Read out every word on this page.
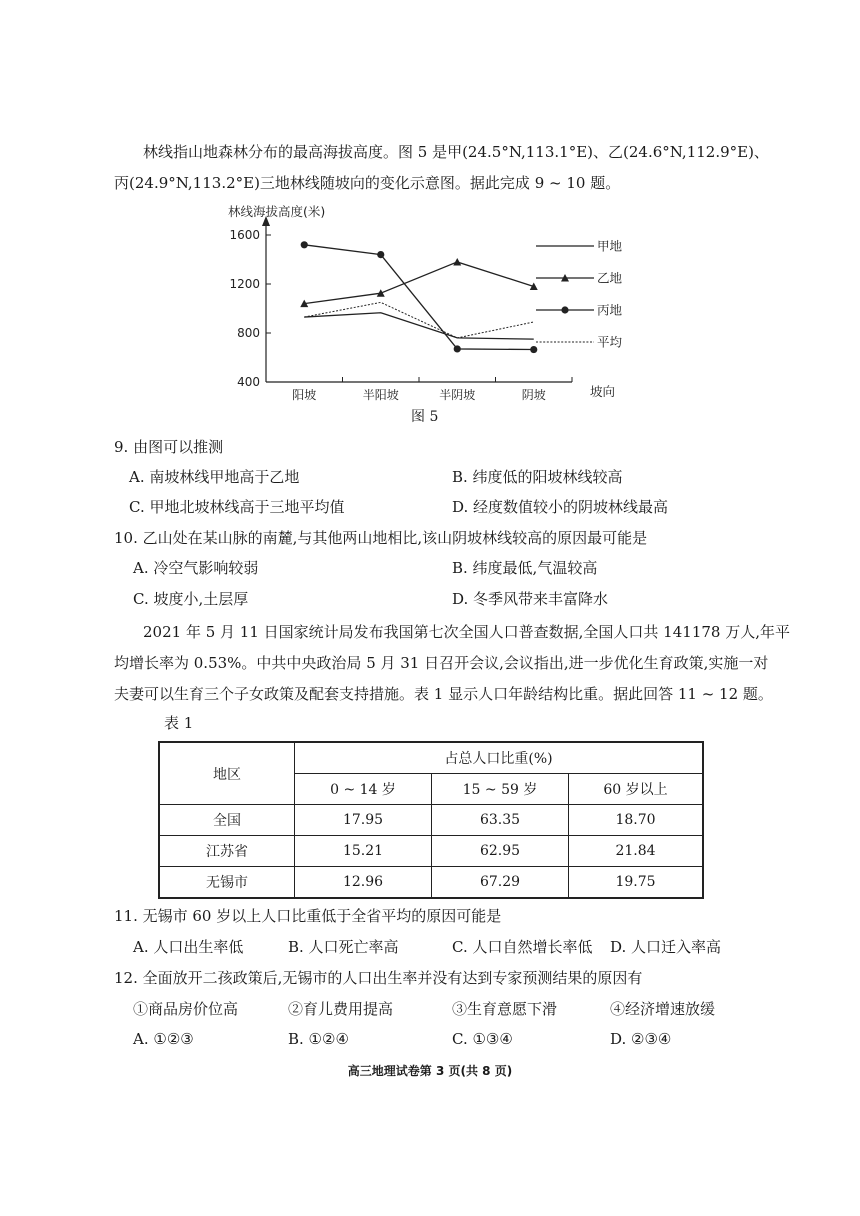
林线指山地森林分布的最高海拔高度。图 5 是甲(24.5°N,113.1°E)、乙(24.6°N,112.9°E)、
丙(24.9°N,113.2°E)三地林线随坡向的变化示意图。据此完成 9 ~ 10 题。
1600
1200
800
400
阳坡	半阳坡	半阴坡	阴坡
林线海拔高度(米)
坡向
甲地
乙地
丙地
平均
图 5
9. 由图可以推测
A. 南坡林线甲地高于乙地	B. 纬度低的阳坡林线较高
C. 甲地北坡林线高于三地平均值	D. 经度数值较小的阴坡林线最高
10. 乙山处在某山脉的南麓,与其他两山地相比,该山阴坡林线较高的原因最可能是
A. 冷空气影响较弱	B. 纬度最低,气温较高
C. 坡度小,土层厚	D. 冬季风带来丰富降水
2021 年 5 月 11 日国家统计局发布我国第七次全国人口普查数据,全国人口共 141178 万人,年平
均增长率为 0.53%。中共中央政治局 5 月 31 日召开会议,会议指出,进一步优化生育政策,实施一对
夫妻可以生育三个子女政策及配套支持措施。表 1 显示人口年龄结构比重。据此回答 11 ~ 12 题。
表 1
地区	占总人口比重(%)		
	0 ~ 14 岁	15 ~ 59 岁	60 岁以上
全国	17.95	63.35	18.70
江苏省	15.21	62.95	21.84
无锡市	12.96	67.29	19.75
11. 无锡市 60 岁以上人口比重低于全省平均的原因可能是
A. 人口出生率低	B. 人口死亡率高	C. 人口自然增长率低 D. 人口迁入率高
12. 全面放开二孩政策后,无锡市的人口出生率并没有达到专家预测结果的原因有
①商品房价位高	②育儿费用提高	③生育意愿下滑	④经济增速放缓
A. ①②③	B. ①②④	C. ①③④	D. ②③④
高三地理试卷第 3 页(共 8 页)
